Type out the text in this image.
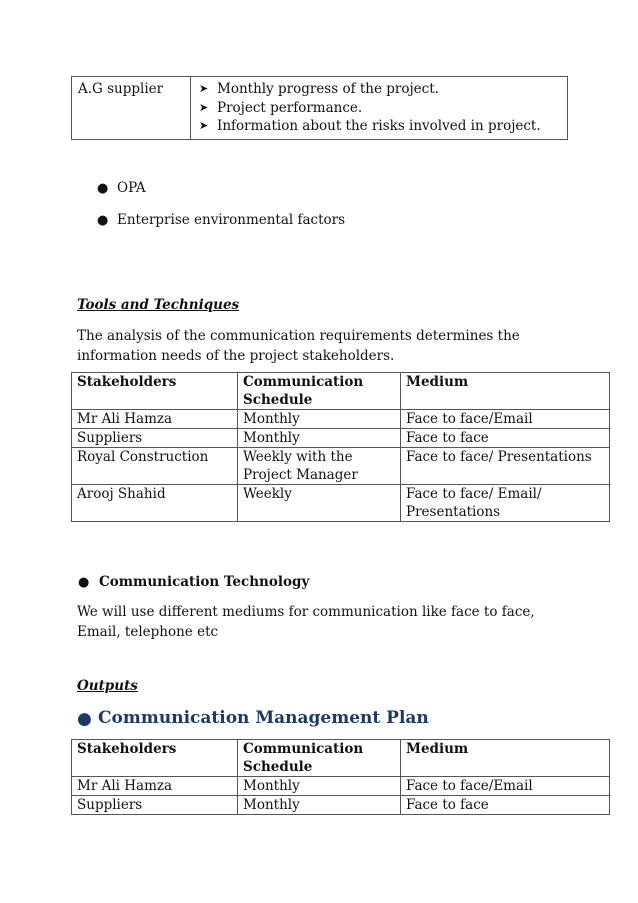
A.G supplier	➤ Monthly progress of the project.
➤ Project performance.
➤ Information about the risks involved in project.
● OPA
● Enterprise environmental factors
Tools and Techniques
The analysis of the communication requirements determines the information needs of the project stakeholders.
Stakeholders	Communication Schedule	Medium
Mr Ali Hamza	Monthly	Face to face/Email
Suppliers	Monthly	Face to face
Royal Construction	Weekly with the Project Manager	Face to face/ Presentations
Arooj Shahid	Weekly	Face to face/ Email/ Presentations
● Communication Technology
We will use different mediums for communication like face to face, Email, telephone etc
Outputs
● Communication Management Plan
Stakeholders	Communication Schedule	Medium
Mr Ali Hamza	Monthly	Face to face/Email
Suppliers	Monthly	Face to face
